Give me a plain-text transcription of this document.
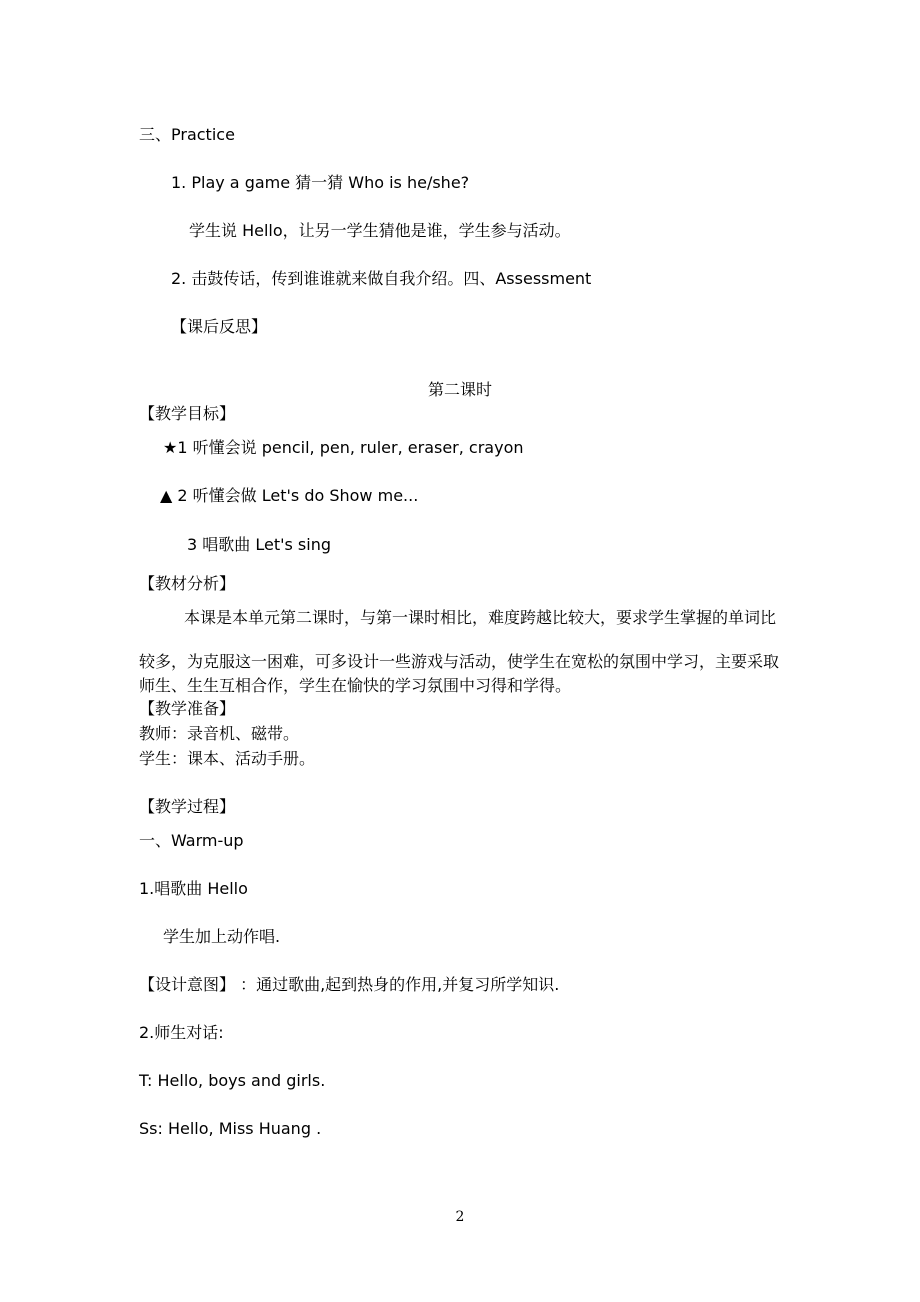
三、Practice
1. Play a game 猜一猜 Who is he/she?
学生说 Hello，让另一学生猜他是谁，学生参与活动。
2. 击鼓传话，传到谁谁就来做自我介绍。四、Assessment
【课后反思】
第二课时
【教学目标】
★1 听懂会说 pencil, pen, ruler, eraser, crayon
▲ 2 听懂会做 Let's do Show me...
3 唱歌曲 Let's sing
【教材分析】
本课是本单元第二课时，与第一课时相比，难度跨越比较大，要求学生掌握的单词比
较多，为克服这一困难，可多设计一些游戏与活动，使学生在宽松的氛围中学习，主要采取
师生、生生互相合作，学生在愉快的学习氛围中习得和学得。
【教学准备】
教师：录音机、磁带。
学生：课本、活动手册。
【教学过程】
一、Warm-up
1.唱歌曲 Hello
学生加上动作唱.
【设计意图】 ：通过歌曲,起到热身的作用,并复习所学知识.
2.师生对话:
T: Hello, boys and girls.
Ss: Hello, Miss Huang .
2
